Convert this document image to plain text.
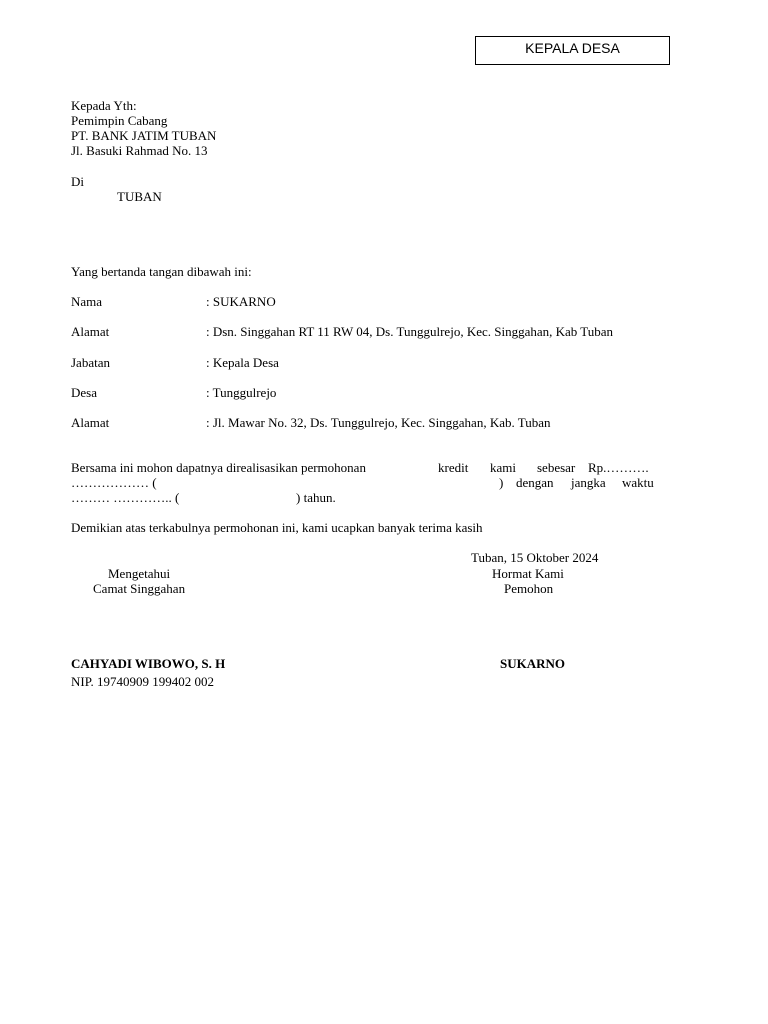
KEPALA DESA
Kepada Yth:
Pemimpin Cabang
PT. BANK JATIM TUBAN
Jl. Basuki Rahmad No. 13
Di
TUBAN
Yang bertanda tangan dibawah ini:
Nama	: SUKARNO
Alamat	: Dsn. Singgahan RT 11 RW 04, Ds. Tunggulrejo, Kec. Singgahan, Kab Tuban
Jabatan	: Kepala Desa
Desa	: Tunggulrejo
Alamat	: Jl. Mawar No. 32, Ds. Tunggulrejo, Kec. Singgahan, Kab. Tuban
Bersama ini mohon dapatnya direalisasikan permohonan	kredit kami sebesar Rp.……….
……………… (	) dengan jangka waktu
……… ………….. (	) tahun.
Demikian atas terkabulnya permohonan ini, kami ucapkan banyak terima kasih
Tuban, 15 Oktober 2024
Mengetahui
Camat Singgahan
CAHYADI WIBOWO, S. H
NIP. 19740909 199402 002
Hormat Kami
Pemohon
SUKARNO
